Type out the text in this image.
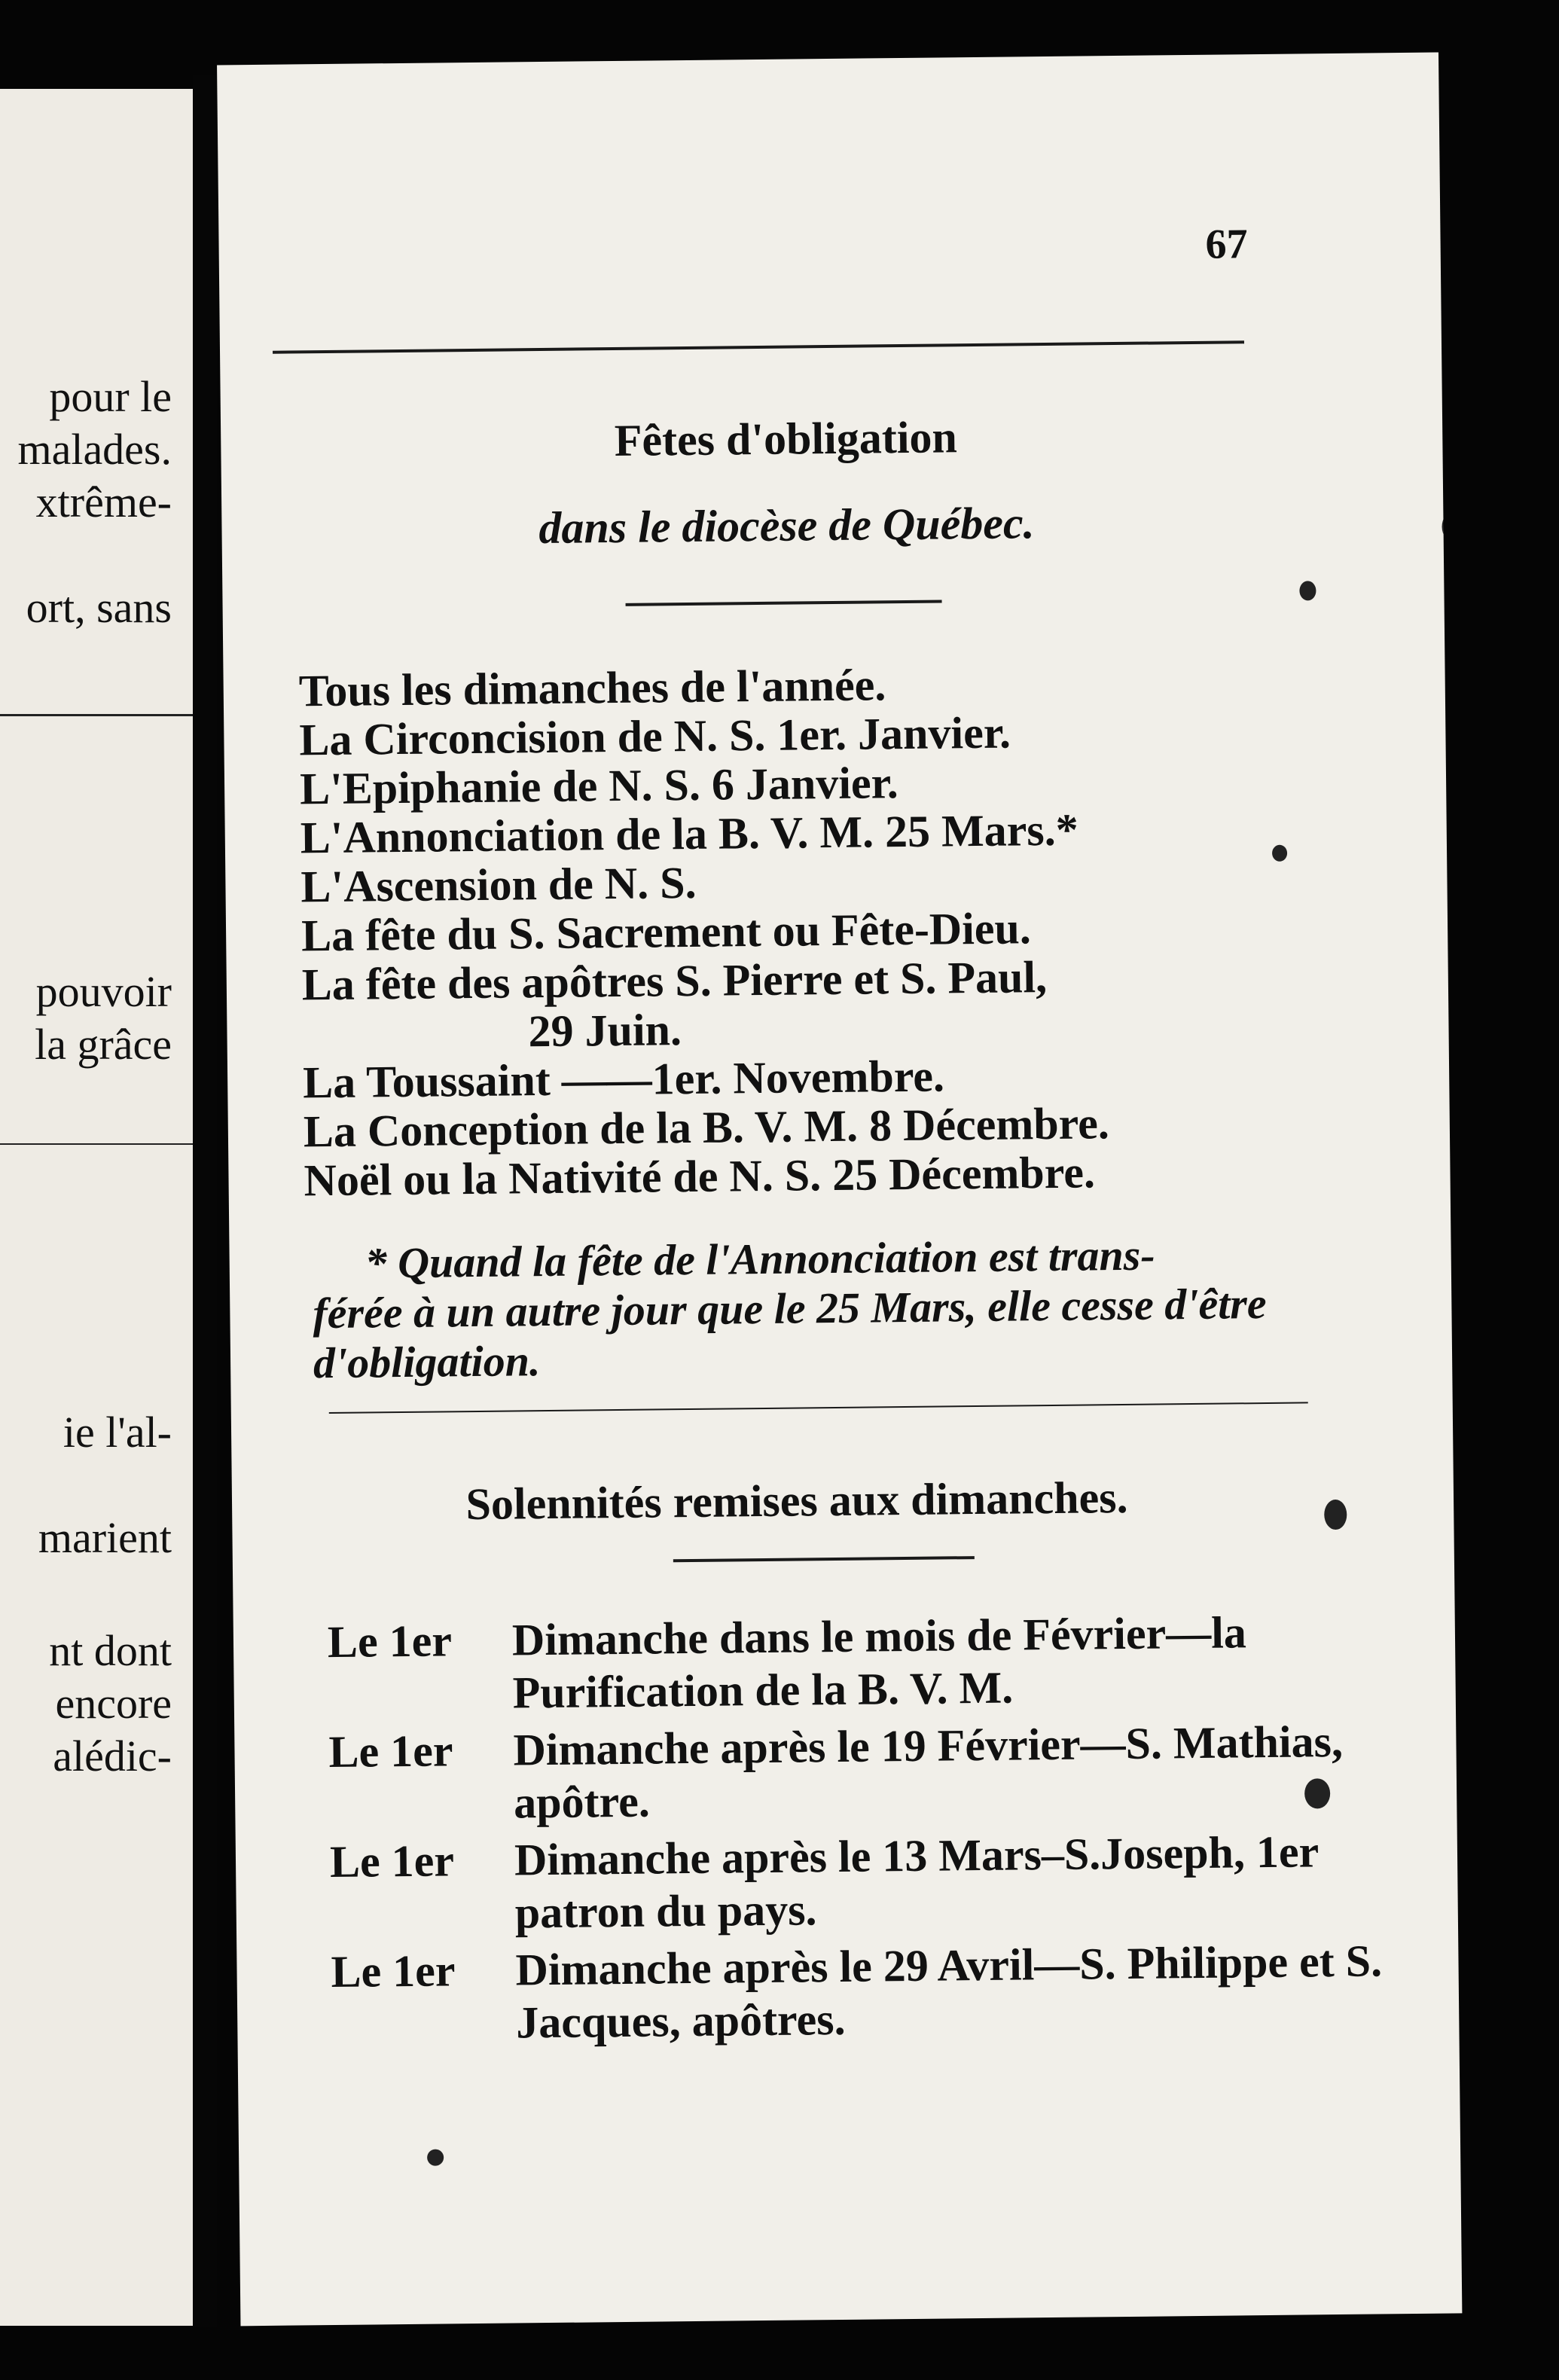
pour le
malades.
xtrême-
ort, sans
pouvoir
la grâce
ie l'al-
marient
nt dont
encore
alédic-
67
Fêtes d'obligation
dans le diocèse de Québec.
Tous les dimanches de l'année.
La Circoncision de N. S. 1er. Janvier.
L'Epiphanie de N. S. 6 Janvier.
L'Annonciation de la B. V. M. 25 Mars.*
L'Ascension de N. S.
La fête du S. Sacrement ou Fête-Dieu.
La fête des apôtres S. Pierre et S. Paul,
29 Juin.
La Toussaint ——1er. Novembre.
La Conception de la B. V. M. 8 Décembre.
Noël ou la Nativité de N. S. 25 Décembre.
* Quand la fête de l'Annonciation est trans-
férée à un autre jour que le 25 Mars, elle cesse d'être d'obligation.
Solennités remises aux dimanches.
Le 1er	Dimanche dans le mois de Février—la Purification de la B. V. M.
Le 1er	Dimanche après le 19 Février—S. Mathias, apôtre.
Le 1er	Dimanche après le 13 Mars–S.Joseph, 1er patron du pays.
Le 1er	Dimanche après le 29 Avril—S. Philippe et S. Jacques, apôtres.
